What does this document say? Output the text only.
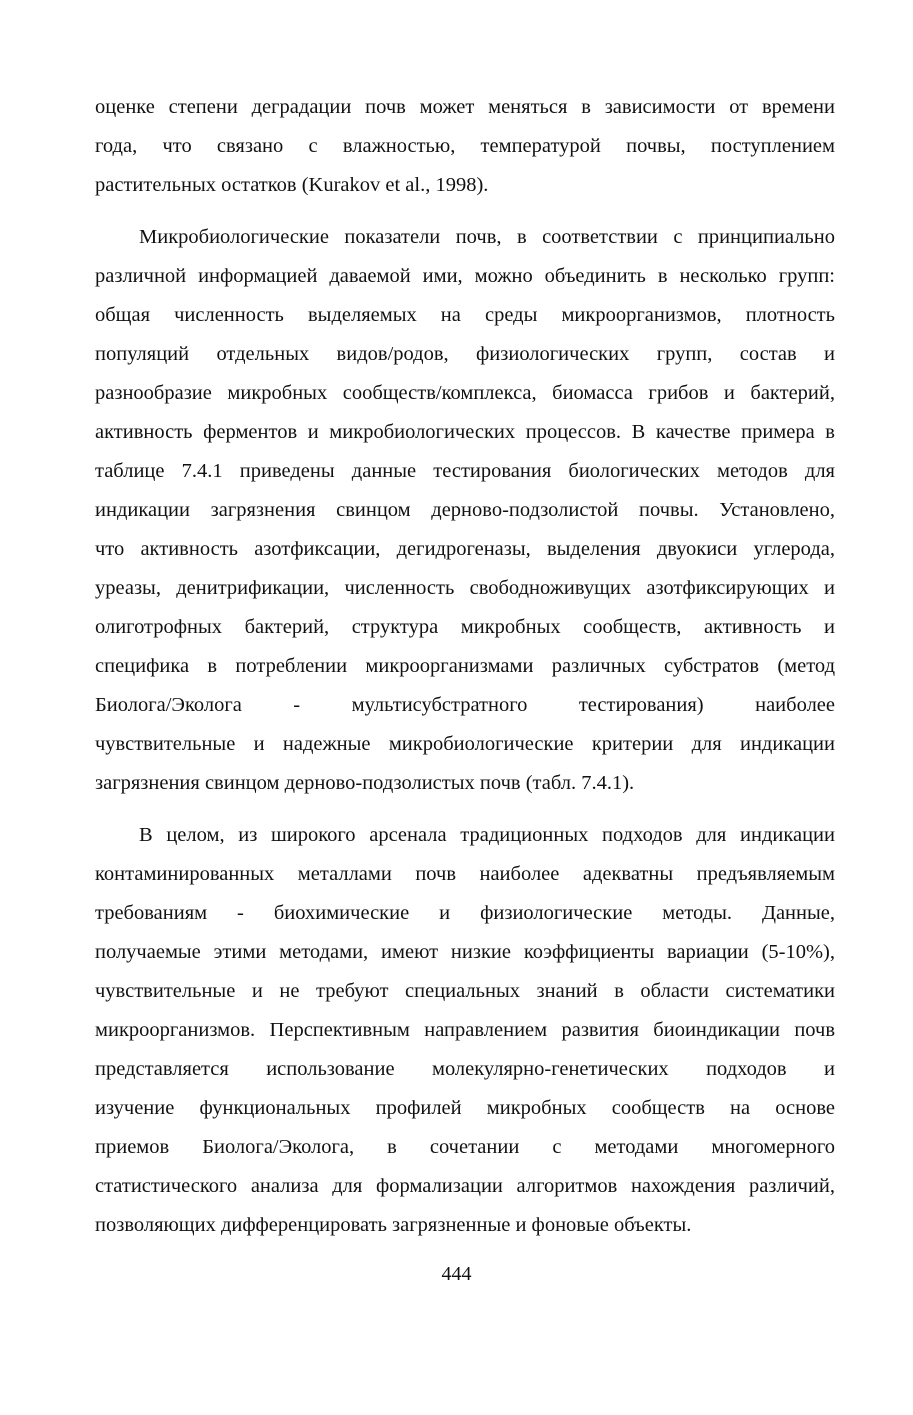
оценке степени деградации почв может меняться в зависимости от времени
года, что связано с влажностью, температурой почвы, поступлением
растительных остатков (Kurakov et al., 1998).
Микробиологические показатели почв, в соответствии с принципиально
различной информацией даваемой ими, можно объединить в несколько групп:
общая численность выделяемых на среды микроорганизмов, плотность
популяций отдельных видов/родов, физиологических групп, состав и
разнообразие микробных сообществ/комплекса, биомасса грибов и бактерий,
активность ферментов и микробиологических процессов. В качестве примера в
таблице 7.4.1 приведены данные тестирования биологических методов для
индикации загрязнения свинцом дерново-подзолистой почвы. Установлено,
что активность азотфиксации, дегидрогеназы, выделения двуокиси углерода,
уреазы, денитрификации, численность свободноживущих азотфиксирующих и
олиготрофных бактерий, структура микробных сообществ, активность и
специфика в потреблении микроорганизмами различных субстратов (метод
Биолога/Эколога - мультисубстратного тестирования) наиболее
чувствительные и надежные микробиологические критерии для индикации
загрязнения свинцом дерново-подзолистых почв (табл. 7.4.1).
В целом, из широкого арсенала традиционных подходов для индикации
контаминированных металлами почв наиболее адекватны предъявляемым
требованиям - биохимические и физиологические методы. Данные,
получаемые этими методами, имеют низкие коэффициенты вариации (5-10%),
чувствительные и не требуют специальных знаний в области систематики
микроорганизмов. Перспективным направлением развития биоиндикации почв
представляется использование молекулярно-генетических подходов и
изучение функциональных профилей микробных сообществ на основе
приемов Биолога/Эколога, в сочетании с методами многомерного
статистического анализа для формализации алгоритмов нахождения различий,
позволяющих дифференцировать загрязненные и фоновые объекты.
444
